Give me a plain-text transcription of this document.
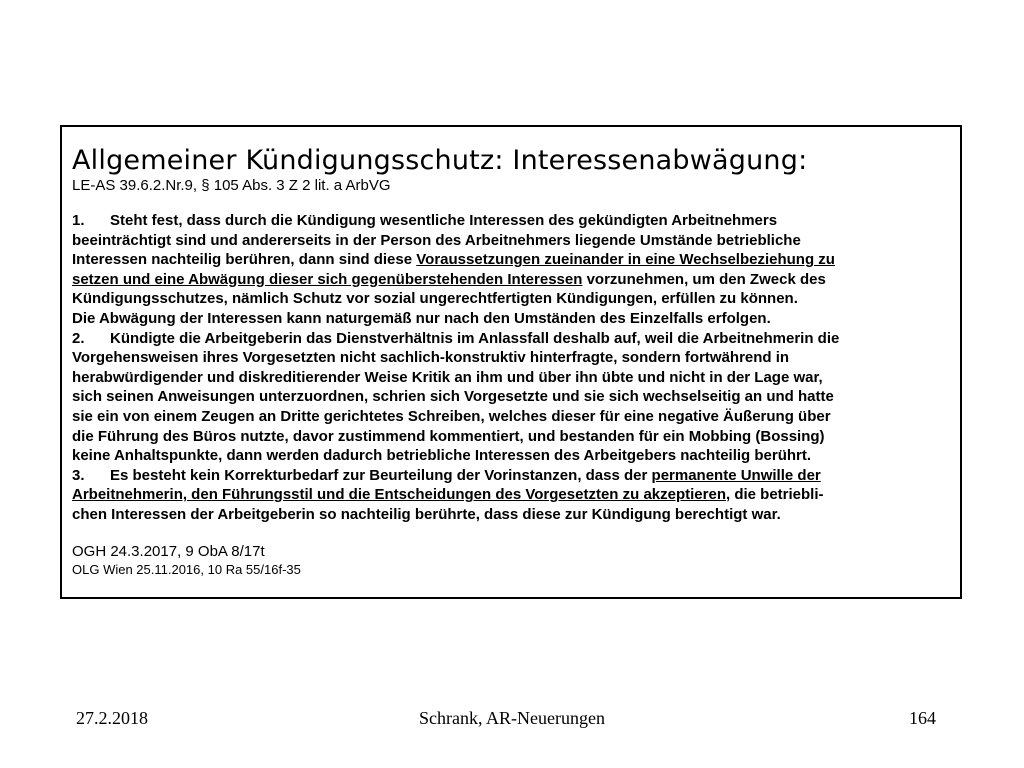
Allgemeiner Kündigungsschutz: Interessenabwägung:
LE-AS 39.6.2.Nr.9, § 105 Abs. 3 Z 2 lit. a ArbVG
1. Steht fest, dass durch die Kündigung wesentliche Interessen des gekündigten Arbeitnehmers
beeinträchtigt sind und andererseits in der Person des Arbeitnehmers liegende Umstände betriebliche
Interessen nachteilig berühren, dann sind diese Voraussetzungen zueinander in eine Wechselbeziehung zu
setzen und eine Abwägung dieser sich gegenüberstehenden Interessen vorzunehmen, um den Zweck des
Kündigungsschutzes, nämlich Schutz vor sozial ungerechtfertigten Kündigungen, erfüllen zu können.
Die Abwägung der Interessen kann naturgemäß nur nach den Umständen des Einzelfalls erfolgen.
2. Kündigte die Arbeitgeberin das Dienstverhältnis im Anlassfall deshalb auf, weil die Arbeitnehmerin die
Vorgehensweisen ihres Vorgesetzten nicht sachlich-konstruktiv hinterfragte, sondern fortwährend in
herabwürdigender und diskreditierender Weise Kritik an ihm und über ihn übte und nicht in der Lage war,
sich seinen Anweisungen unterzuordnen, schrien sich Vorgesetzte und sie sich wechselseitig an und hatte
sie ein von einem Zeugen an Dritte gerichtetes Schreiben, welches dieser für eine negative Äußerung über
die Führung des Büros nutzte, davor zustimmend kommentiert, und bestanden für ein Mobbing (Bossing)
keine Anhaltspunkte, dann werden dadurch betriebliche Interessen des Arbeitgebers nachteilig berührt.
3. Es besteht kein Korrekturbedarf zur Beurteilung der Vorinstanzen, dass der permanente Unwille der
Arbeitnehmerin, den Führungsstil und die Entscheidungen des Vorgesetzten zu akzeptieren, die betriebli-
chen Interessen der Arbeitgeberin so nachteilig berührte, dass diese zur Kündigung berechtigt war.
OGH 24.3.2017, 9 ObA 8/17t
OLG Wien 25.11.2016, 10 Ra 55/16f-35
27.2.2018	Schrank, AR-Neuerungen	164
